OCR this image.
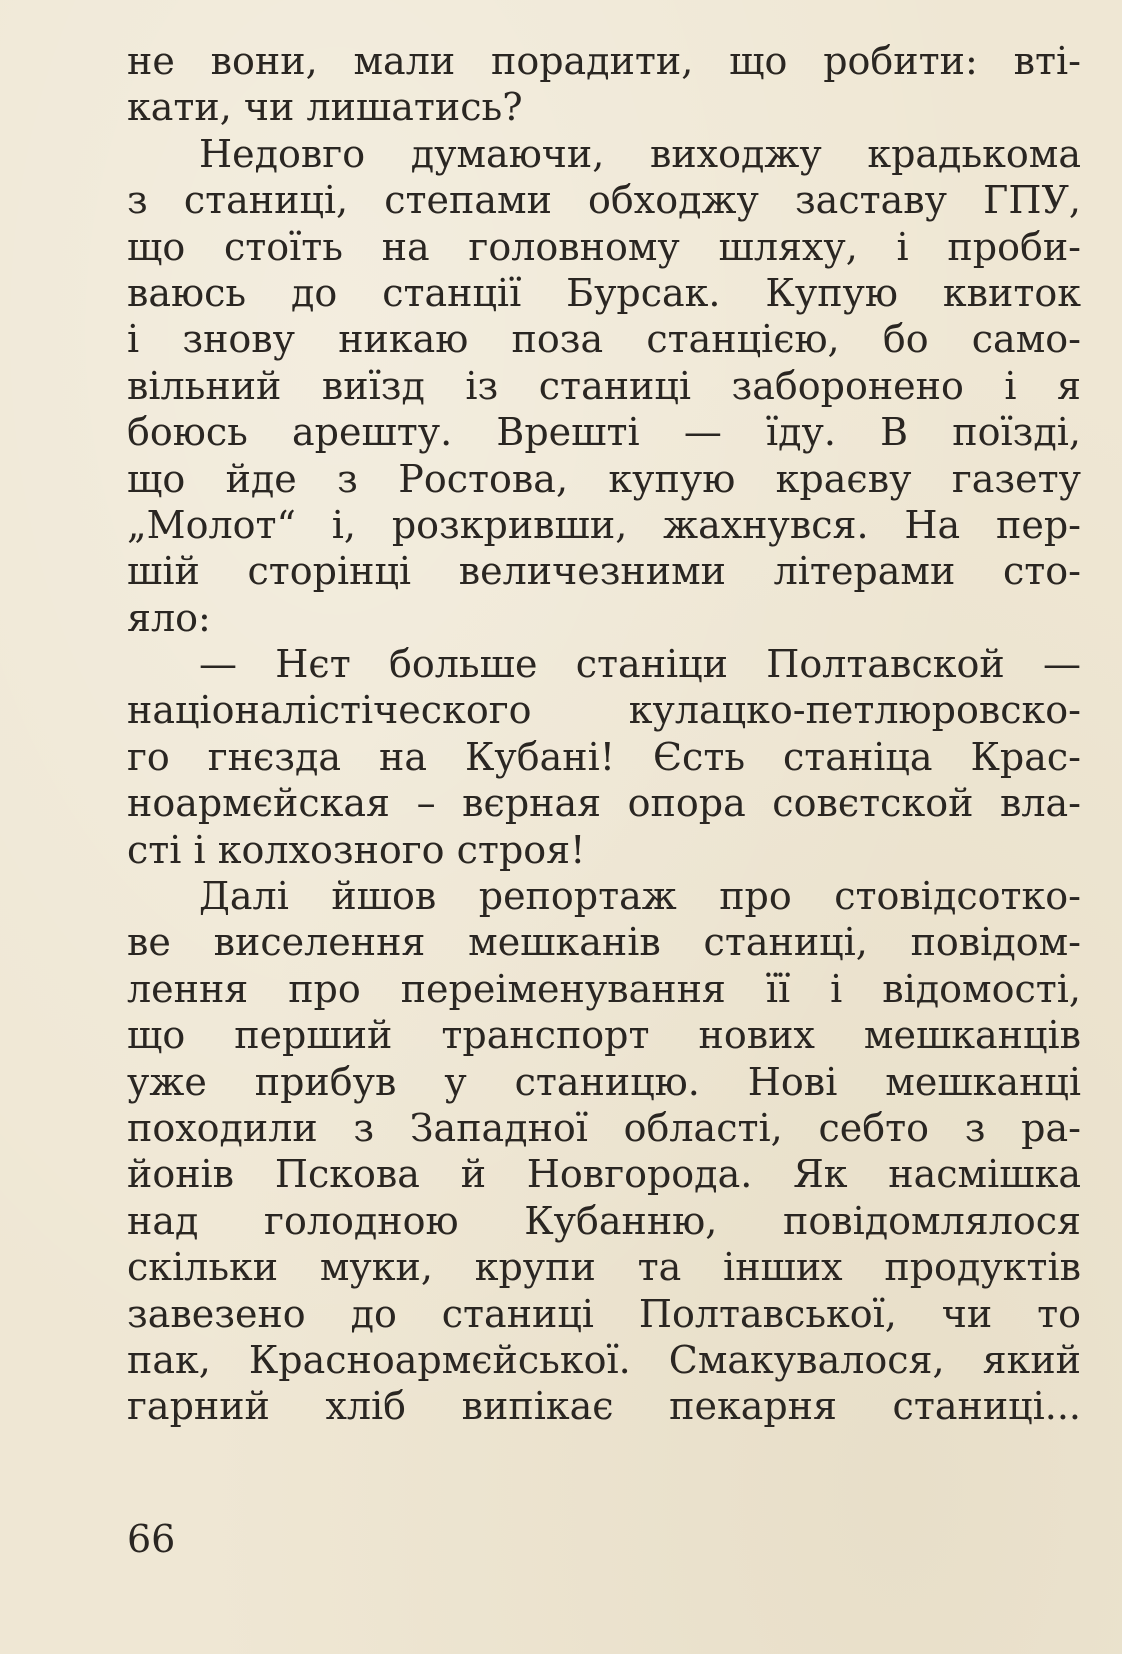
не вони, мали порадити, що робити: вті-
кати, чи лишатись?
Недовго думаючи, виходжу крадькома
з станиці, степами обходжу заставу ГПУ,
що стоїть на головному шляху, і проби-
ваюсь до станції Бурсак. Купую квиток
і знову никаю поза станцією, бо само-
вільний виїзд із станиці заборонено і я
боюсь арешту. Врешті — їду. В поїзді,
що йде з Ростова, купую краєву газету
„Молот“ і, розкривши, жахнувся. На пер-
шій сторінці величезними літерами сто-
яло:
— Нєт больше станіци Полтавской —
націоналістіческого кулацко-петлюровско-
го гнєзда на Кубані! Єсть станіца Крас-
ноармєйская – вєрная опора совєтской вла-
сті і колхозного строя!
Далі йшов репортаж про стовідсотко-
ве виселення мешканів станиці, повідом-
лення про переіменування її і відомості,
що перший транспорт нових мешканців
уже прибув у станицю. Нові мешканці
походили з Западної області, себто з ра-
йонів Пскова й Новгорода. Як насмішка
над голодною Кубанню, повідомлялося
скільки муки, крупи та інших продуктів
завезено до станиці Полтавської, чи то
пак, Красноармєйської. Смакувалося, який
гарний хліб випікає пекарня станиці...
66
